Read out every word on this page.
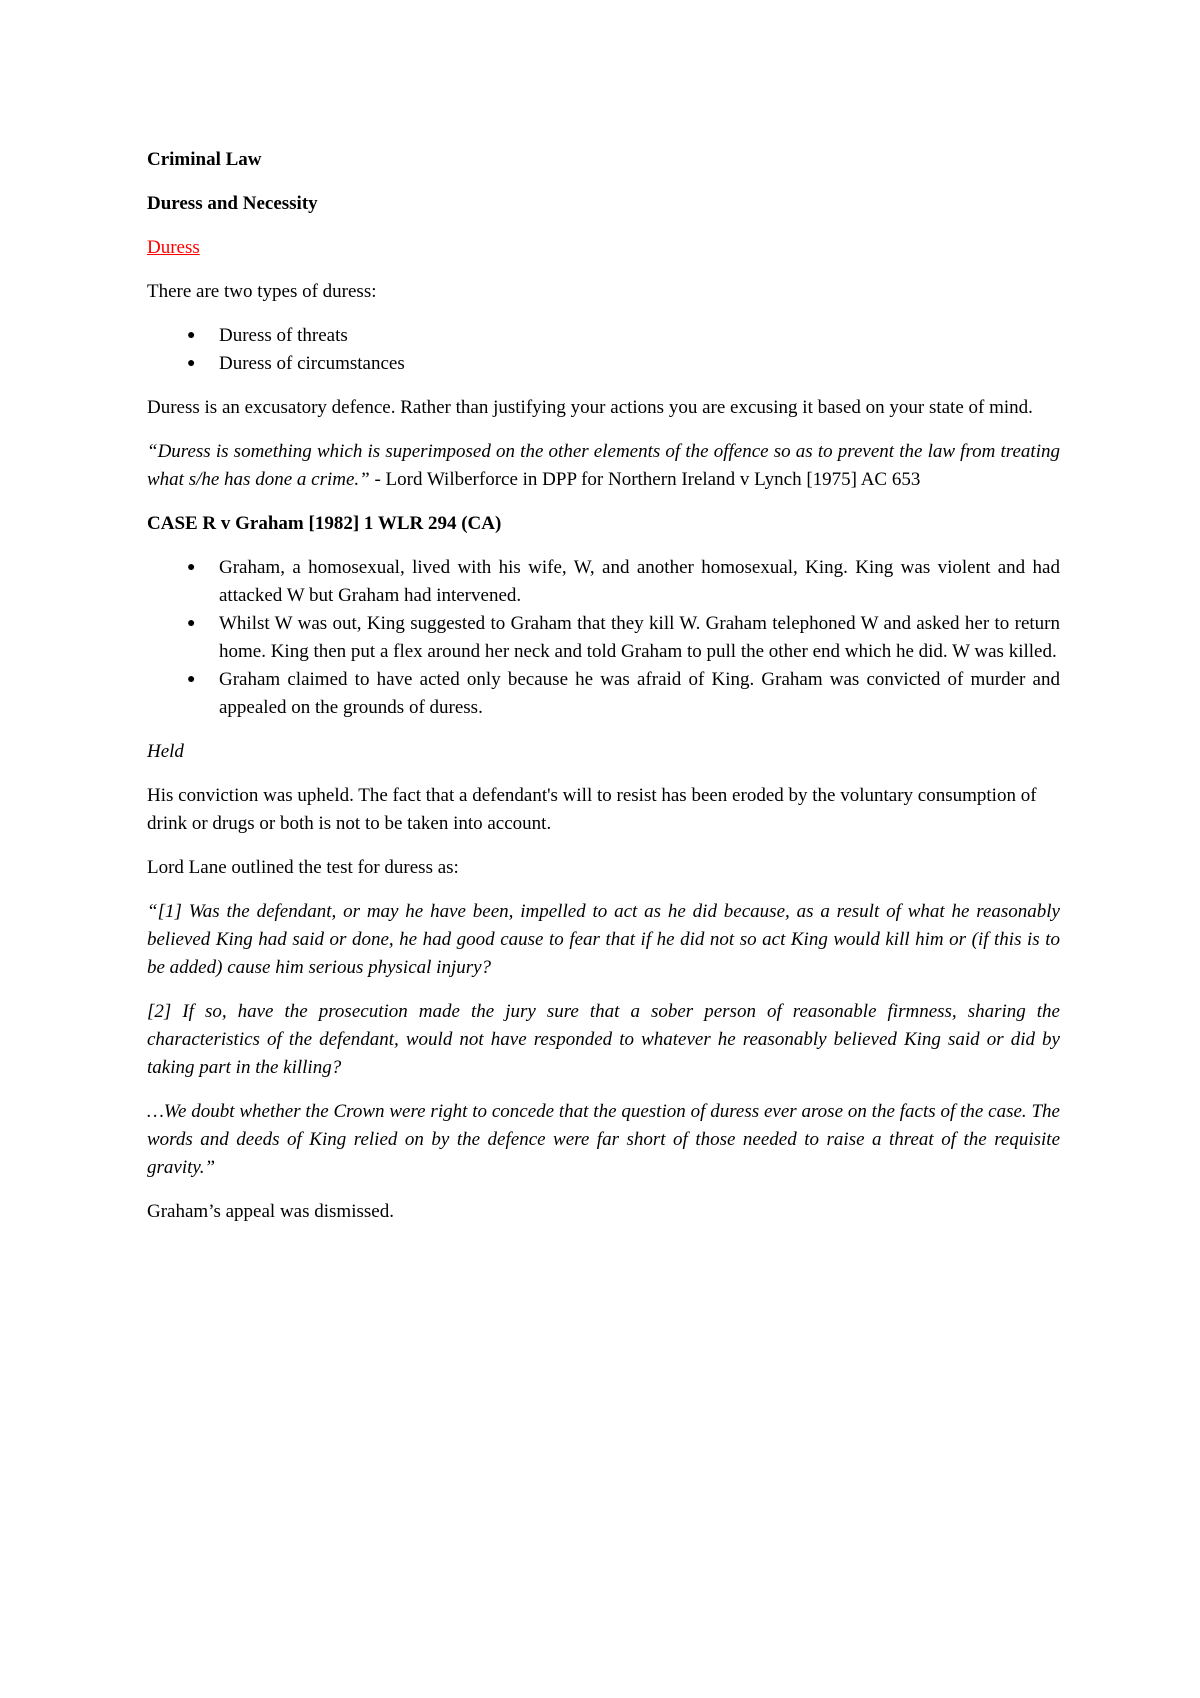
Criminal Law
Duress and Necessity
Duress
There are two types of duress:
● Duress of threats
● Duress of circumstances
Duress is an excusatory defence. Rather than justifying your actions you are excusing it based on your state of mind.
“Duress is something which is superimposed on the other elements of the offence so as to prevent the law from treating what s/he has done a crime.” - Lord Wilberforce in DPP for Northern Ireland v Lynch [1975] AC 653
CASE R v Graham [1982] 1 WLR 294 (CA)
● Graham, a homosexual, lived with his wife, W, and another homosexual, King. King was violent and had attacked W but Graham had intervened.
● Whilst W was out, King suggested to Graham that they kill W. Graham telephoned W and asked her to return home. King then put a flex around her neck and told Graham to pull the other end which he did. W was killed.
● Graham claimed to have acted only because he was afraid of King. Graham was convicted of murder and appealed on the grounds of duress.
Held
His conviction was upheld. The fact that a defendant's will to resist has been eroded by the voluntary consumption of drink or drugs or both is not to be taken into account.
Lord Lane outlined the test for duress as:
“[1] Was the defendant, or may he have been, impelled to act as he did because, as a result of what he reasonably believed King had said or done, he had good cause to fear that if he did not so act King would kill him or (if this is to be added) cause him serious physical injury?
[2] If so, have the prosecution made the jury sure that a sober person of reasonable firmness, sharing the characteristics of the defendant, would not have responded to whatever he reasonably believed King said or did by taking part in the killing?
…We doubt whether the Crown were right to concede that the question of duress ever arose on the facts of the case. The words and deeds of King relied on by the defence were far short of those needed to raise a threat of the requisite gravity.”
Graham’s appeal was dismissed.
